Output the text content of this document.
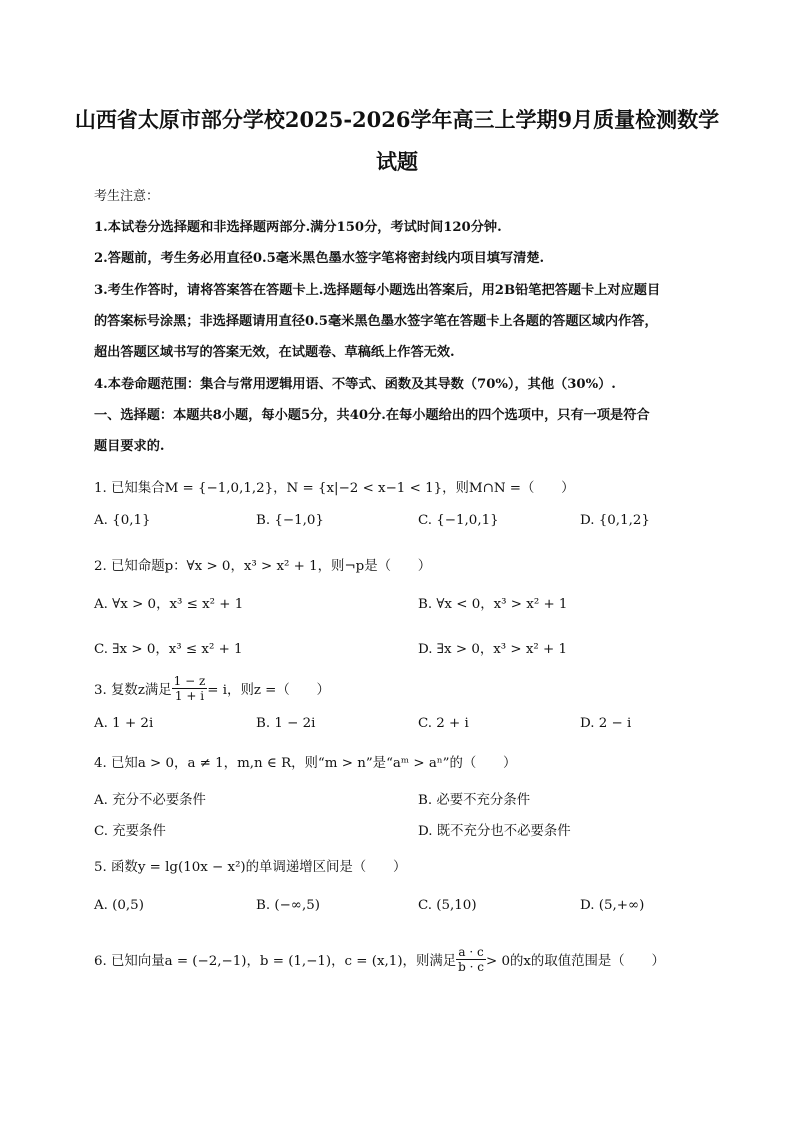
山西省太原市部分学校2025-2026学年高三上学期9月质量检测数学
试题
考生注意：
1.本试卷分选择题和非选择题两部分.满分150分，考试时间120分钟.
2.答题前，考生务必用直径0.5毫米黑色墨水签字笔将密封线内项目填写清楚.
3.考生作答时，请将答案答在答题卡上.选择题每小题选出答案后，用2B铅笔把答题卡上对应题目
的答案标号涂黑；非选择题请用直径0.5毫米黑色墨水签字笔在答题卡上各题的答题区域内作答，
超出答题区域书写的答案无效，在试题卷、草稿纸上作答无效.
4.本卷命题范围：集合与常用逻辑用语、不等式、函数及其导数（70%），其他（30%）.
一、选择题：本题共8小题，每小题5分，共40分.在每小题给出的四个选项中，只有一项是符合
题目要求的.
1. 已知集合M = {−1,0,1,2}，N = {x|−2 < x−1 < 1}，则M∩N =（　　）
A. {0,1}	B. {−1,0}	C. {−1,0,1}	D. {0,1,2}
2. 已知命题p：∀x > 0，x³ > x² + 1，则¬p是（　　）
A. ∀x > 0，x³ ≤ x² + 1	B. ∀x < 0，x³ > x² + 1
C. ∃x > 0，x³ ≤ x² + 1	D. ∃x > 0，x³ > x² + 1
3. 复数z满足 $\frac{1 - z}{1 + i} = i$，则z =（　　）
A. 1 + 2i	B. 1 − 2i	C. 2 + i	D. 2 − i
4. 已知a > 0，a ≠ 1，m,n ∈ R，则“m > n”是“aᵐ > aⁿ”的（　　）
A. 充分不必要条件	B. 必要不充分条件
C. 充要条件	D. 既不充分也不必要条件
5. 函数y = lg(10x − x²)的单调递增区间是（　　）
A. (0,5)	B. (−∞,5)	C. (5,10)	D. (5,+∞)
6. 已知向量a = (−2,−1)，b = (1,−1)，c = (x,1)，则满足 $\frac{a \cdot c}{b \cdot c} > 0$的x的取值范围是（　　）
